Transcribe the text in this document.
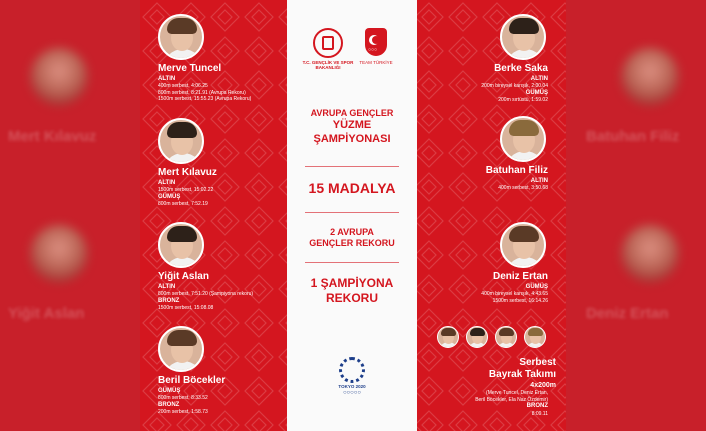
Mert Kılavuz
Yiğit Aslan
Batuhan Filiz
Deniz Ertan
Merve Tuncel
ALTIN
400m serbest, 4:06.25
800m serbest, 8:21.91 (Avrupa Rekoru)
1500m serbest, 15:55.23 (Avrupa Rekoru)
Mert Kılavuz
ALTIN
1500m serbest, 15:02.22
GÜMÜŞ
800m serbest, 7:52.19
Yiğit Aslan
ALTIN
800m serbest, 7:51.20 (Şampiyona rekoru)
BRONZ
1500m serbest, 15:08.08
Beril Böcekler
GÜMÜŞ
800m serbest, 8:33.52
BRONZ
200m serbest, 1:58.73
T.C. GENÇLİK VE SPOR BAKANLIĞI
○○○
TEAM TÜRKİYE
AVRUPA GENÇLER
YÜZME
ŞAMPİYONASI
15 MADALYA
2 AVRUPA
GENÇLER REKORU
1 ŞAMPİYONA
REKORU
TOKYO 2020
○○○○○
Berke Saka
ALTIN
200m bireysel karışık, 2:00.04
GÜMÜŞ
200m sırtüstü, 1:59.02
Batuhan Filiz
ALTIN
400m serbest, 3:50.68
Deniz Ertan
GÜMÜŞ
400m bireysel karışık, 4:43.65
1500m serbest, 16:14.26
Serbest
Bayrak Takımı
4x200m
(Merve Tuncel, Deniz Ertan,
Beril Böcekler, Ela Naz Özdemir)
BRONZ
8:09.11
